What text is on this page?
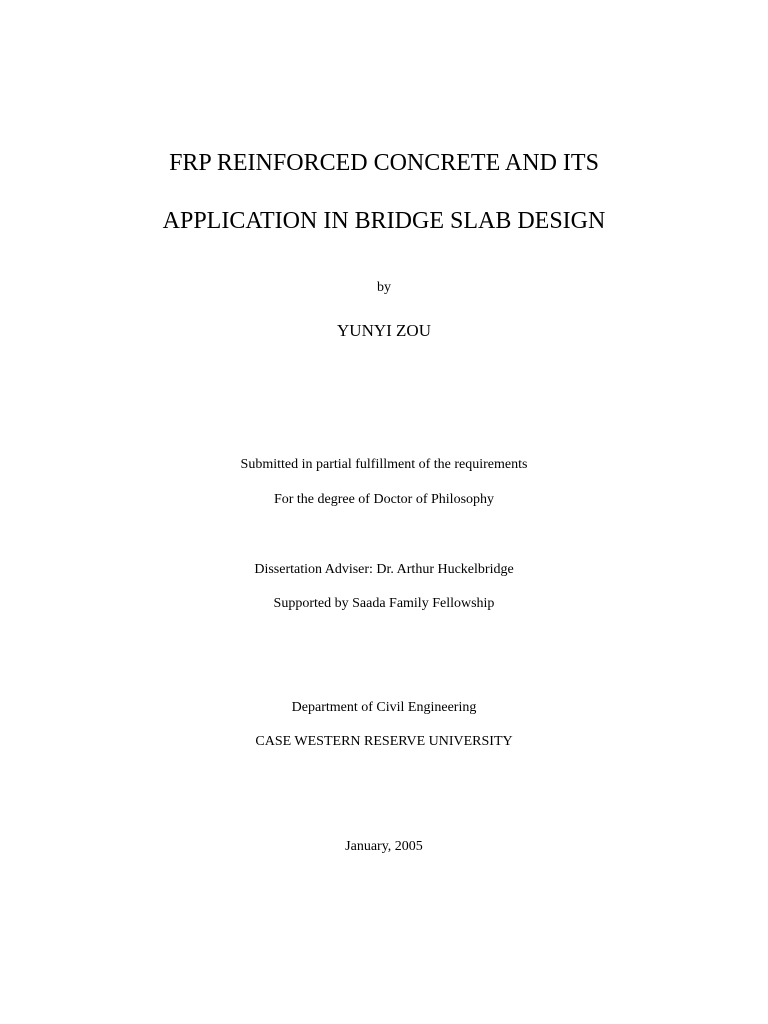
FRP REINFORCED CONCRETE AND ITS
APPLICATION IN BRIDGE SLAB DESIGN
by
YUNYI ZOU
Submitted in partial fulfillment of the requirements
For the degree of Doctor of Philosophy
Dissertation Adviser: Dr. Arthur Huckelbridge
Supported by Saada Family Fellowship
Department of Civil Engineering
CASE WESTERN RESERVE UNIVERSITY
January, 2005
